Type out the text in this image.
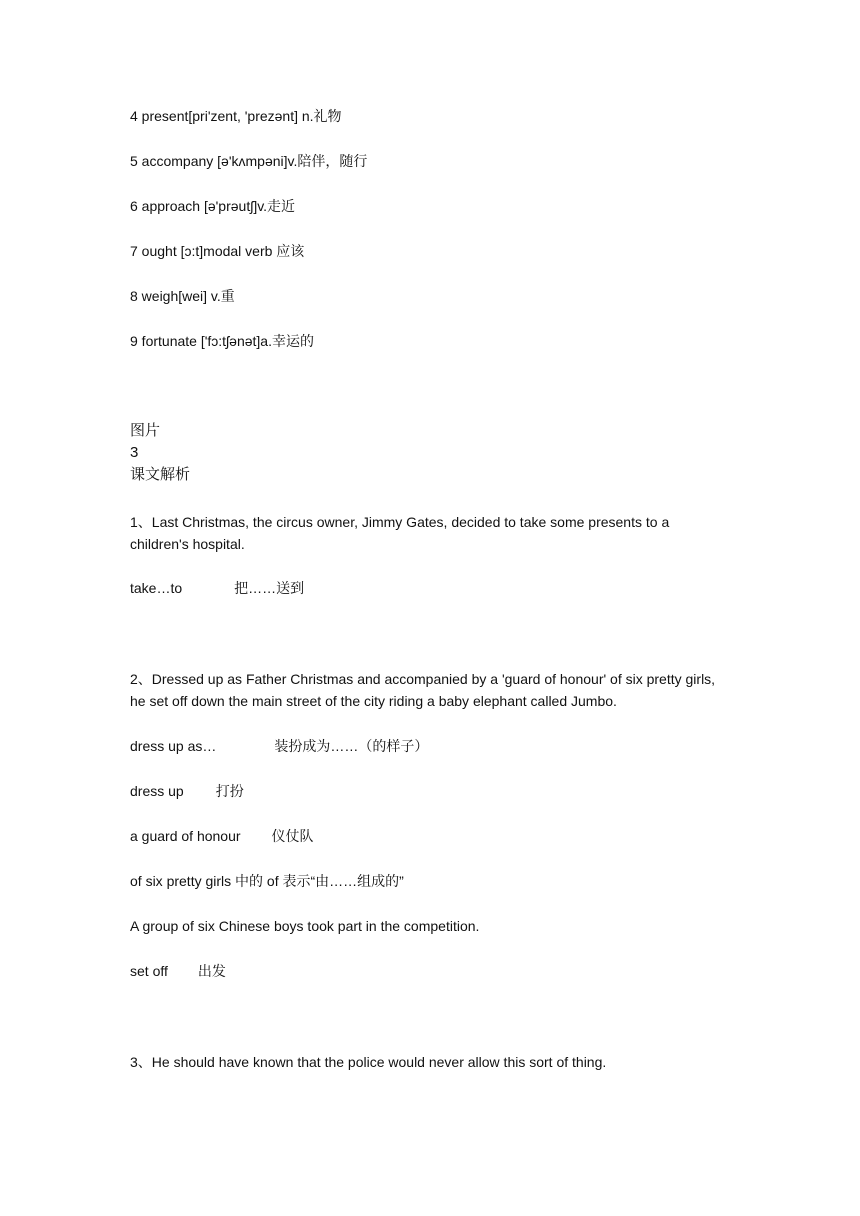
4 present[pri'zent, 'prezənt] n.礼物
5 accompany [ə'kʌmpəni]v.陪伴，随行
6 approach [ə'prəutʃ]v.走近
7 ought [ɔ:t]modal verb 应该
8 weigh[wei] v.重
9 fortunate ['fɔ:tʃənət]a.幸运的
图片
3
课文解析
1、Last Christmas, the circus owner, Jimmy Gates, decided to take some presents to a children's hospital.
take…to	把……送到
2、Dressed up as Father Christmas and accompanied by a 'guard of honour' of six pretty girls, he set off down the main street of the city riding a baby elephant called Jumbo.
dress up as…	装扮成为……（的样子）
dress up 打扮
a guard of honour 仪仗队
of six pretty girls 中的 of 表示“由……组成的”
A group of six Chinese boys took part in the competition.
set off 出发
3、He should have known that the police would never allow this sort of thing.
